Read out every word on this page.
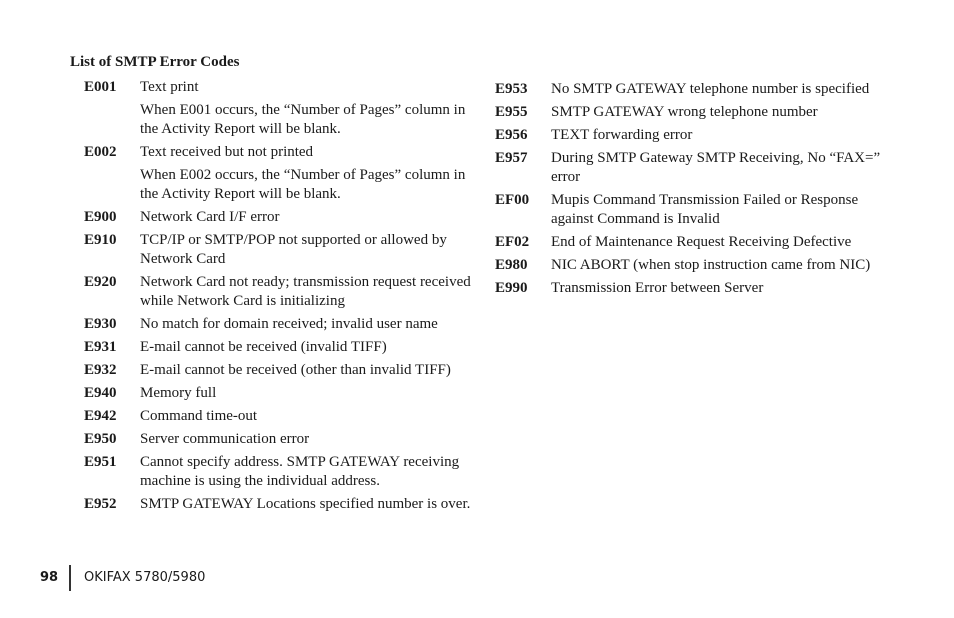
List of SMTP Error Codes
E001	Text print
When E001 occurs, the “Number of Pages” column in the Activity Report will be blank.
E002	Text received but not printed
When E002 occurs, the “Number of Pages” column in the Activity Report will be blank.
E900	Network Card I/F error
E910	TCP/IP or SMTP/POP not supported or allowed by Network Card
E920	Network Card not ready; transmission request received while Network Card is initializing
E930	No match for domain received; invalid user name
E931	E-mail cannot be received (invalid TIFF)
E932	E-mail cannot be received (other than invalid TIFF)
E940	Memory full
E942	Command time-out
E950	Server communication error
E951	Cannot specify address. SMTP GATEWAY receiving machine is using the individual address.
E952	SMTP GATEWAY Locations specified number is over.
E953	No SMTP GATEWAY telephone number is specified
E955	SMTP GATEWAY wrong telephone number
E956	TEXT forwarding error
E957	During SMTP Gateway SMTP Receiving, No “FAX=” error
EF00	Mupis Command Transmission Failed or Response against Command is Invalid
EF02	End of Maintenance Request Receiving Defective
E980	NIC ABORT (when stop instruction came from NIC)
E990	Transmission Error between Server
98 OKIFAX 5780/5980
